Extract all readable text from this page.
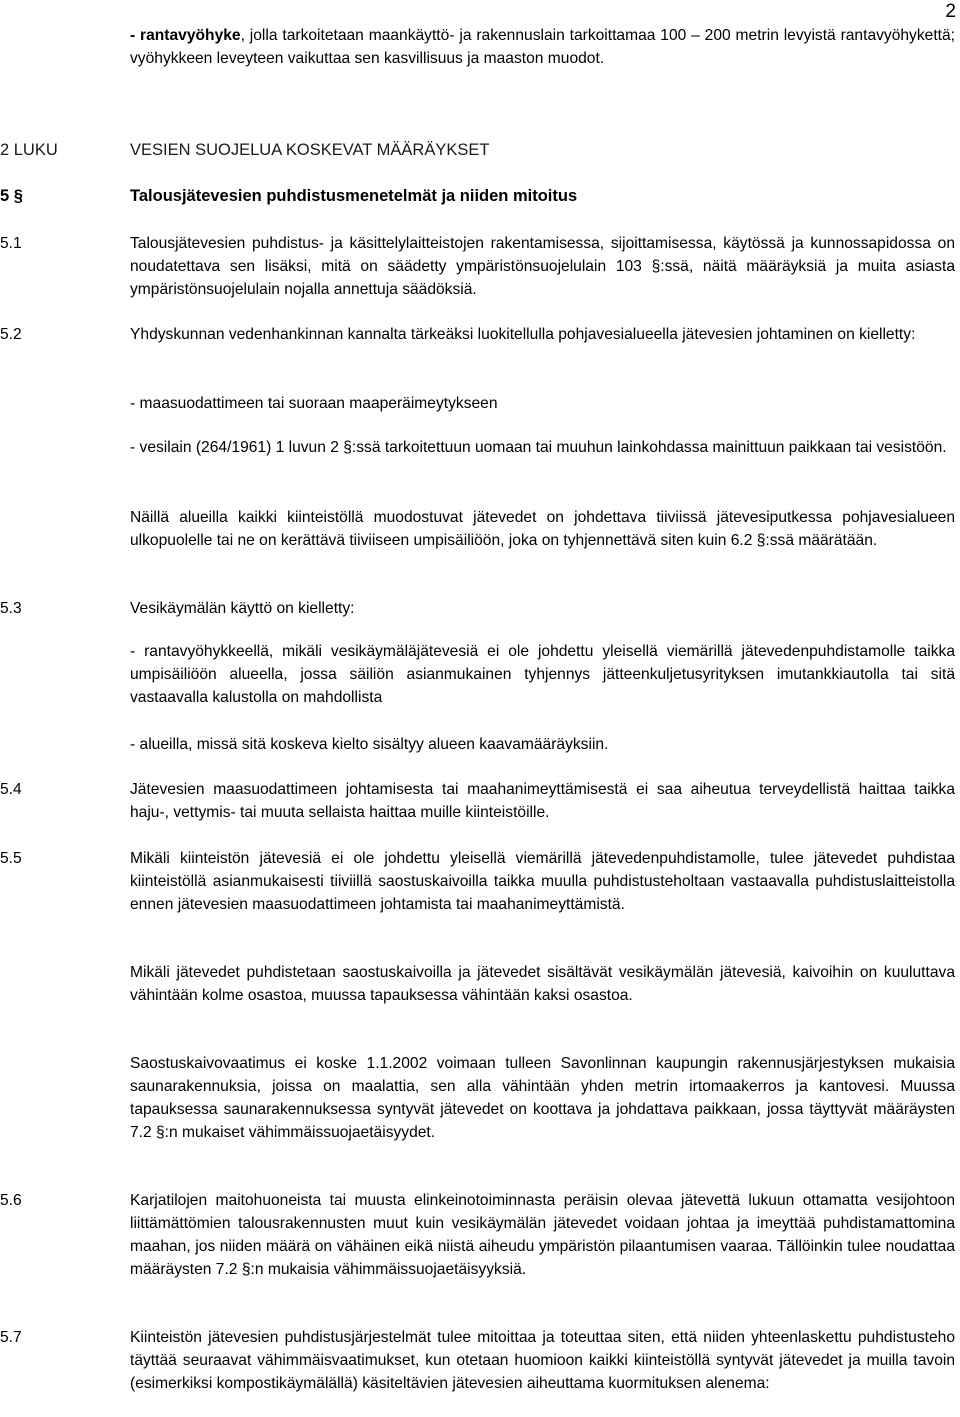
2
- rantavyöhyke, jolla tarkoitetaan maankäyttö- ja rakennuslain tarkoittamaa 100 – 200 metrin levyistä rantavyöhykettä; vyöhykkeen leveyteen vaikuttaa sen kasvillisuus ja maaston muodot.
2 LUKU	VESIEN SUOJELUA KOSKEVAT MÄÄRÄYKSET
5 §	Talousjätevesien puhdistusmenetelmät ja niiden mitoitus
5.1	Talousjätevesien puhdistus- ja käsittelylaitteistojen rakentamisessa, sijoittamisessa, käytössä ja kunnossapidossa on noudatettava sen lisäksi, mitä on säädetty ympäristönsuojelulain 103 §:ssä, näitä määräyksiä ja muita asiasta ympäristönsuojelulain nojalla annettuja säädöksiä.
5.2	Yhdyskunnan vedenhankinnan kannalta tärkeäksi luokitellulla pohjavesialueella jätevesien johtaminen on kielletty:
- maasuodattimeen tai suoraan maaperäimeytykseen
- vesilain (264/1961) 1 luvun 2 §:ssä tarkoitettuun uomaan tai muuhun lainkohdassa mainittuun paikkaan tai vesistöön.
Näillä alueilla kaikki kiinteistöllä muodostuvat jätevedet on johdettava tiiviissä jätevesiputkessa pohjavesialueen ulkopuolelle tai ne on kerättävä tiiviiseen umpisäiliöön, joka on tyhjennettävä siten kuin 6.2 §:ssä määrätään.
5.3	Vesikäymälän käyttö on kielletty:
- rantavyöhykkeellä, mikäli vesikäymäläjätevesiä ei ole johdettu yleisellä viemärillä jätevedenpuhdistamolle taikka umpisäiliöön alueella, jossa säiliön asianmukainen tyhjennys jätteenkuljetusyrityksen imutankkiautolla tai sitä vastaavalla kalustolla on mahdollista
- alueilla, missä sitä koskeva kielto sisältyy alueen kaavamääräyksiin.
5.4	Jätevesien maasuodattimeen johtamisesta tai maahanimeyttämisestä ei saa aiheutua terveydellistä haittaa taikka haju-, vettymis- tai muuta sellaista haittaa muille kiinteistöille.
5.5	Mikäli kiinteistön jätevesiä ei ole johdettu yleisellä viemärillä jätevedenpuhdistamolle, tulee jätevedet puhdistaa kiinteistöllä asianmukaisesti tiiviillä saostuskaivoilla taikka muulla puhdistusteholtaan vastaavalla puhdistuslaitteistolla ennen jätevesien maasuodattimeen johtamista tai maahanimeyttämistä.
Mikäli jätevedet puhdistetaan saostuskaivoilla ja jätevedet sisältävät vesikäymälän jätevesiä, kaivoihin on kuuluttava vähintään kolme osastoa, muussa tapauksessa vähintään kaksi osastoa.
Saostuskaivovaatimus ei koske 1.1.2002 voimaan tulleen Savonlinnan kaupungin rakennusjärjestyksen mukaisia saunarakennuksia, joissa on maalattia, sen alla vähintään yhden metrin irtomaakerros ja kantovesi. Muussa tapauksessa saunarakennuksessa syntyvät jätevedet on koottava ja johdattava paikkaan, jossa täyttyvät määräysten 7.2 §:n mukaiset vähimmäissuojaetäisyydet.
5.6	Karjatilojen maitohuoneista tai muusta elinkeinotoiminnasta peräisin olevaa jätevettä lukuun ottamatta vesijohtoon liittämättömien talousrakennusten muut kuin vesikäymälän jätevedet voidaan johtaa ja imeyttää puhdistamattomina maahan, jos niiden määrä on vähäinen eikä niistä aiheudu ympäristön pilaantumisen vaaraa. Tällöinkin tulee noudattaa määräysten 7.2 §:n mukaisia vähimmäissuojaetäisyyksiä.
5.7	Kiinteistön jätevesien puhdistusjärjestelmät tulee mitoittaa ja toteuttaa siten, että niiden yhteenlaskettu puhdistusteho täyttää seuraavat vähimmäisvaatimukset, kun otetaan huomioon kaikki kiinteistöllä syntyvät jätevedet ja muilla tavoin (esimerkiksi kompostikäymälällä) käsiteltävien jätevesien aiheuttama kuormituksen alenema:
